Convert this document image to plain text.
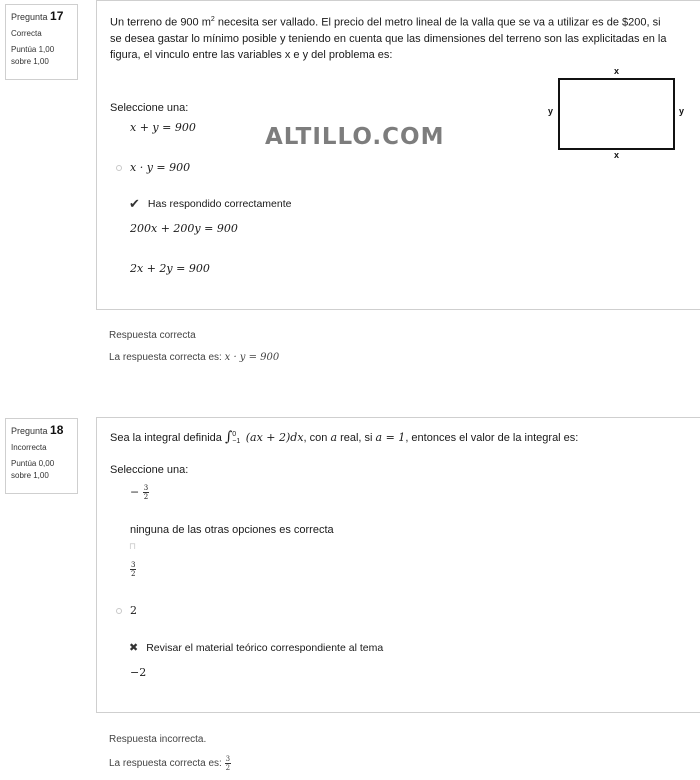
Pregunta 17
Correcta
Puntúa 1,00
sobre 1,00
Un terreno de 900 $m^2$ necesita ser vallado. El precio del metro lineal de la valla que se va a utilizar es de $200, si se desea gastar lo mínimo posible y teniendo en cuenta que las dimensiones del terreno son las explicitadas en la figura, el vinculo entre las variables x e y del problema es:
Seleccione una:
x
x
y	y
ALTILLO.COM
x + y = 900
x · y = 900
✔ Has respondido correctamente
200x + 200y = 900
2x + 2y = 900
Respuesta correcta
La respuesta correcta es: x · y = 900
Pregunta 18
Incorrecta
Puntúa 0,00
sobre 1,00
Sea la integral definida ∫ 0
−1 (ax + 2)dx, con a real, si a = 1, entonces el valor de la integral es:
Seleccione una:
− $\frac{3}{2}$
ninguna de las otras opciones es correcta
⊓
$\frac{3}{2}$
2
✖ Revisar el material teórico correspondiente al tema
−2
Respuesta incorrecta.
La respuesta correcta es: $\frac{3}{2}$
